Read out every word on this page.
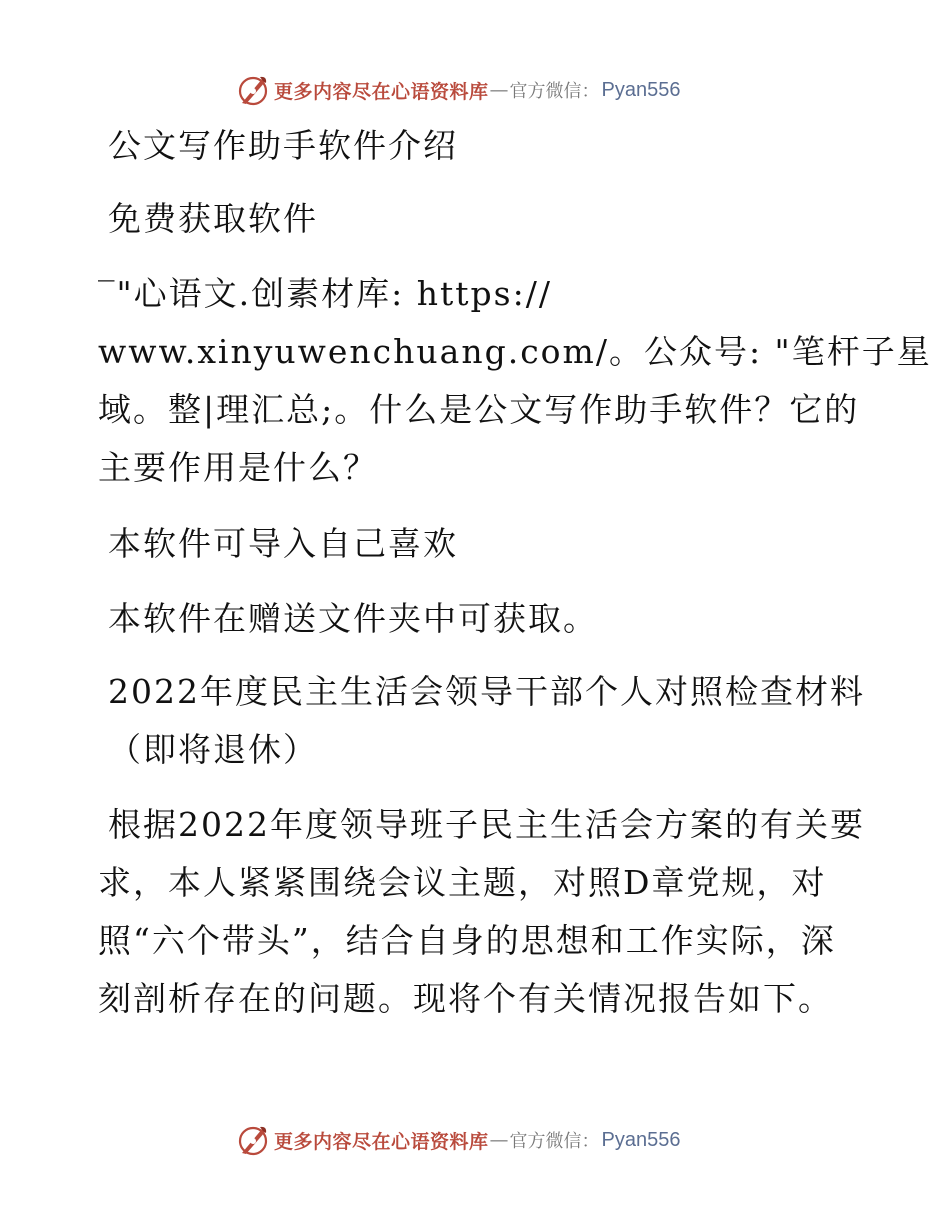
更多内容尽在心语资料库 — 官方微信： Pyan556
公文写作助手软件介绍
免费获取软件
‾"心语文.创素材库: https://
www.xinyuwenchuang.com/。公众号: "笔杆子星
域。整|理汇总;。什么是公文写作助手软件？它的
主要作用是什么？
本软件可导入自己喜欢
本软件在赠送文件夹中可获取。
2022年度民主生活会领导干部个人对照检查材料
（即将退休）
根据2022年度领导班子民主生活会方案的有关要
求，本人紧紧围绕会议主题，对照D章党规，对
照“六个带头”，结合自身的思想和工作实际，深
刻剖析存在的问题。现将个有关情况报告如下。
更多内容尽在心语资料库 — 官方微信： Pyan556
